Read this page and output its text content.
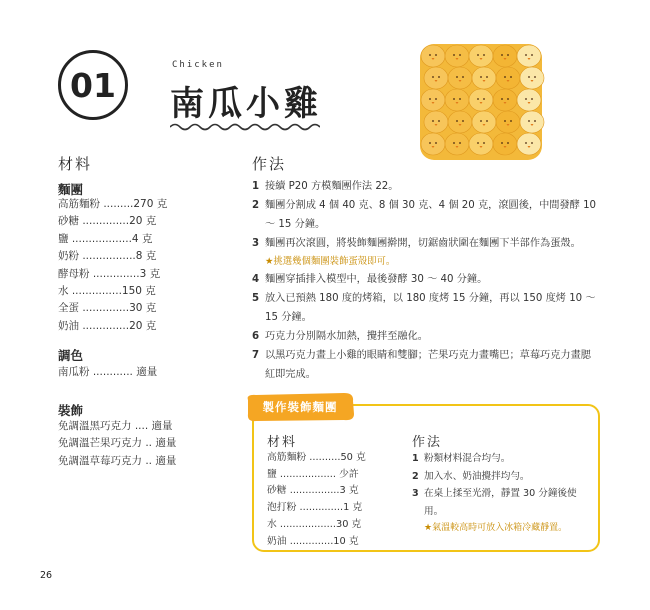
01
Chicken
南瓜小雞
材料
麵團
高筋麵粉 .........270 克
砂糖 ..............20 克
鹽 ..................4 克
奶粉 ................8 克
酵母粉 ..............3 克
水 ...............150 克
全蛋 ..............30 克
奶油 ..............20 克
調色
南瓜粉 ............ 適量
裝飾
免調溫黑巧克力 .... 適量
免調溫芒果巧克力 .. 適量
免調溫草莓巧克力 .. 適量
作法
1 接續 P20 方模麵團作法 22。
2 麵團分割成 4 個 40 克、8 個 30 克、4 個 20 克，滾圓後，中間發酵 10 ～ 15 分鐘。
3 麵團再次滾圓，將裝飾麵團擀開，切鋸齒狀圍在麵團下半部作為蛋殼。
★挑選幾個麵團裝飾蛋殼即可。
4 麵團穿插排入模型中，最後發酵 30 ～ 40 分鐘。
5 放入已預熱 180 度的烤箱，以 180 度烤 15 分鐘，再以 150 度烤 10 ～ 15 分鐘。
6 巧克力分別隔水加熱，攪拌至融化。
7 以黑巧克力畫上小雞的眼睛和雙腳；芒果巧克力畫嘴巴；草莓巧克力畫腮紅即完成。
製作裝飾麵團
材料
高筋麵粉 ..........50 克
鹽 .................. 少許
砂糖 ................3 克
泡打粉 ..............1 克
水 ..................30 克
奶油 ..............10 克
作法
1 粉類材料混合均勻。
2 加入水、奶油攪拌均勻。
3 在桌上揉至光滑，靜置 30 分鐘後使用。
★氣溫較高時可放入冰箱冷藏靜置。
26
